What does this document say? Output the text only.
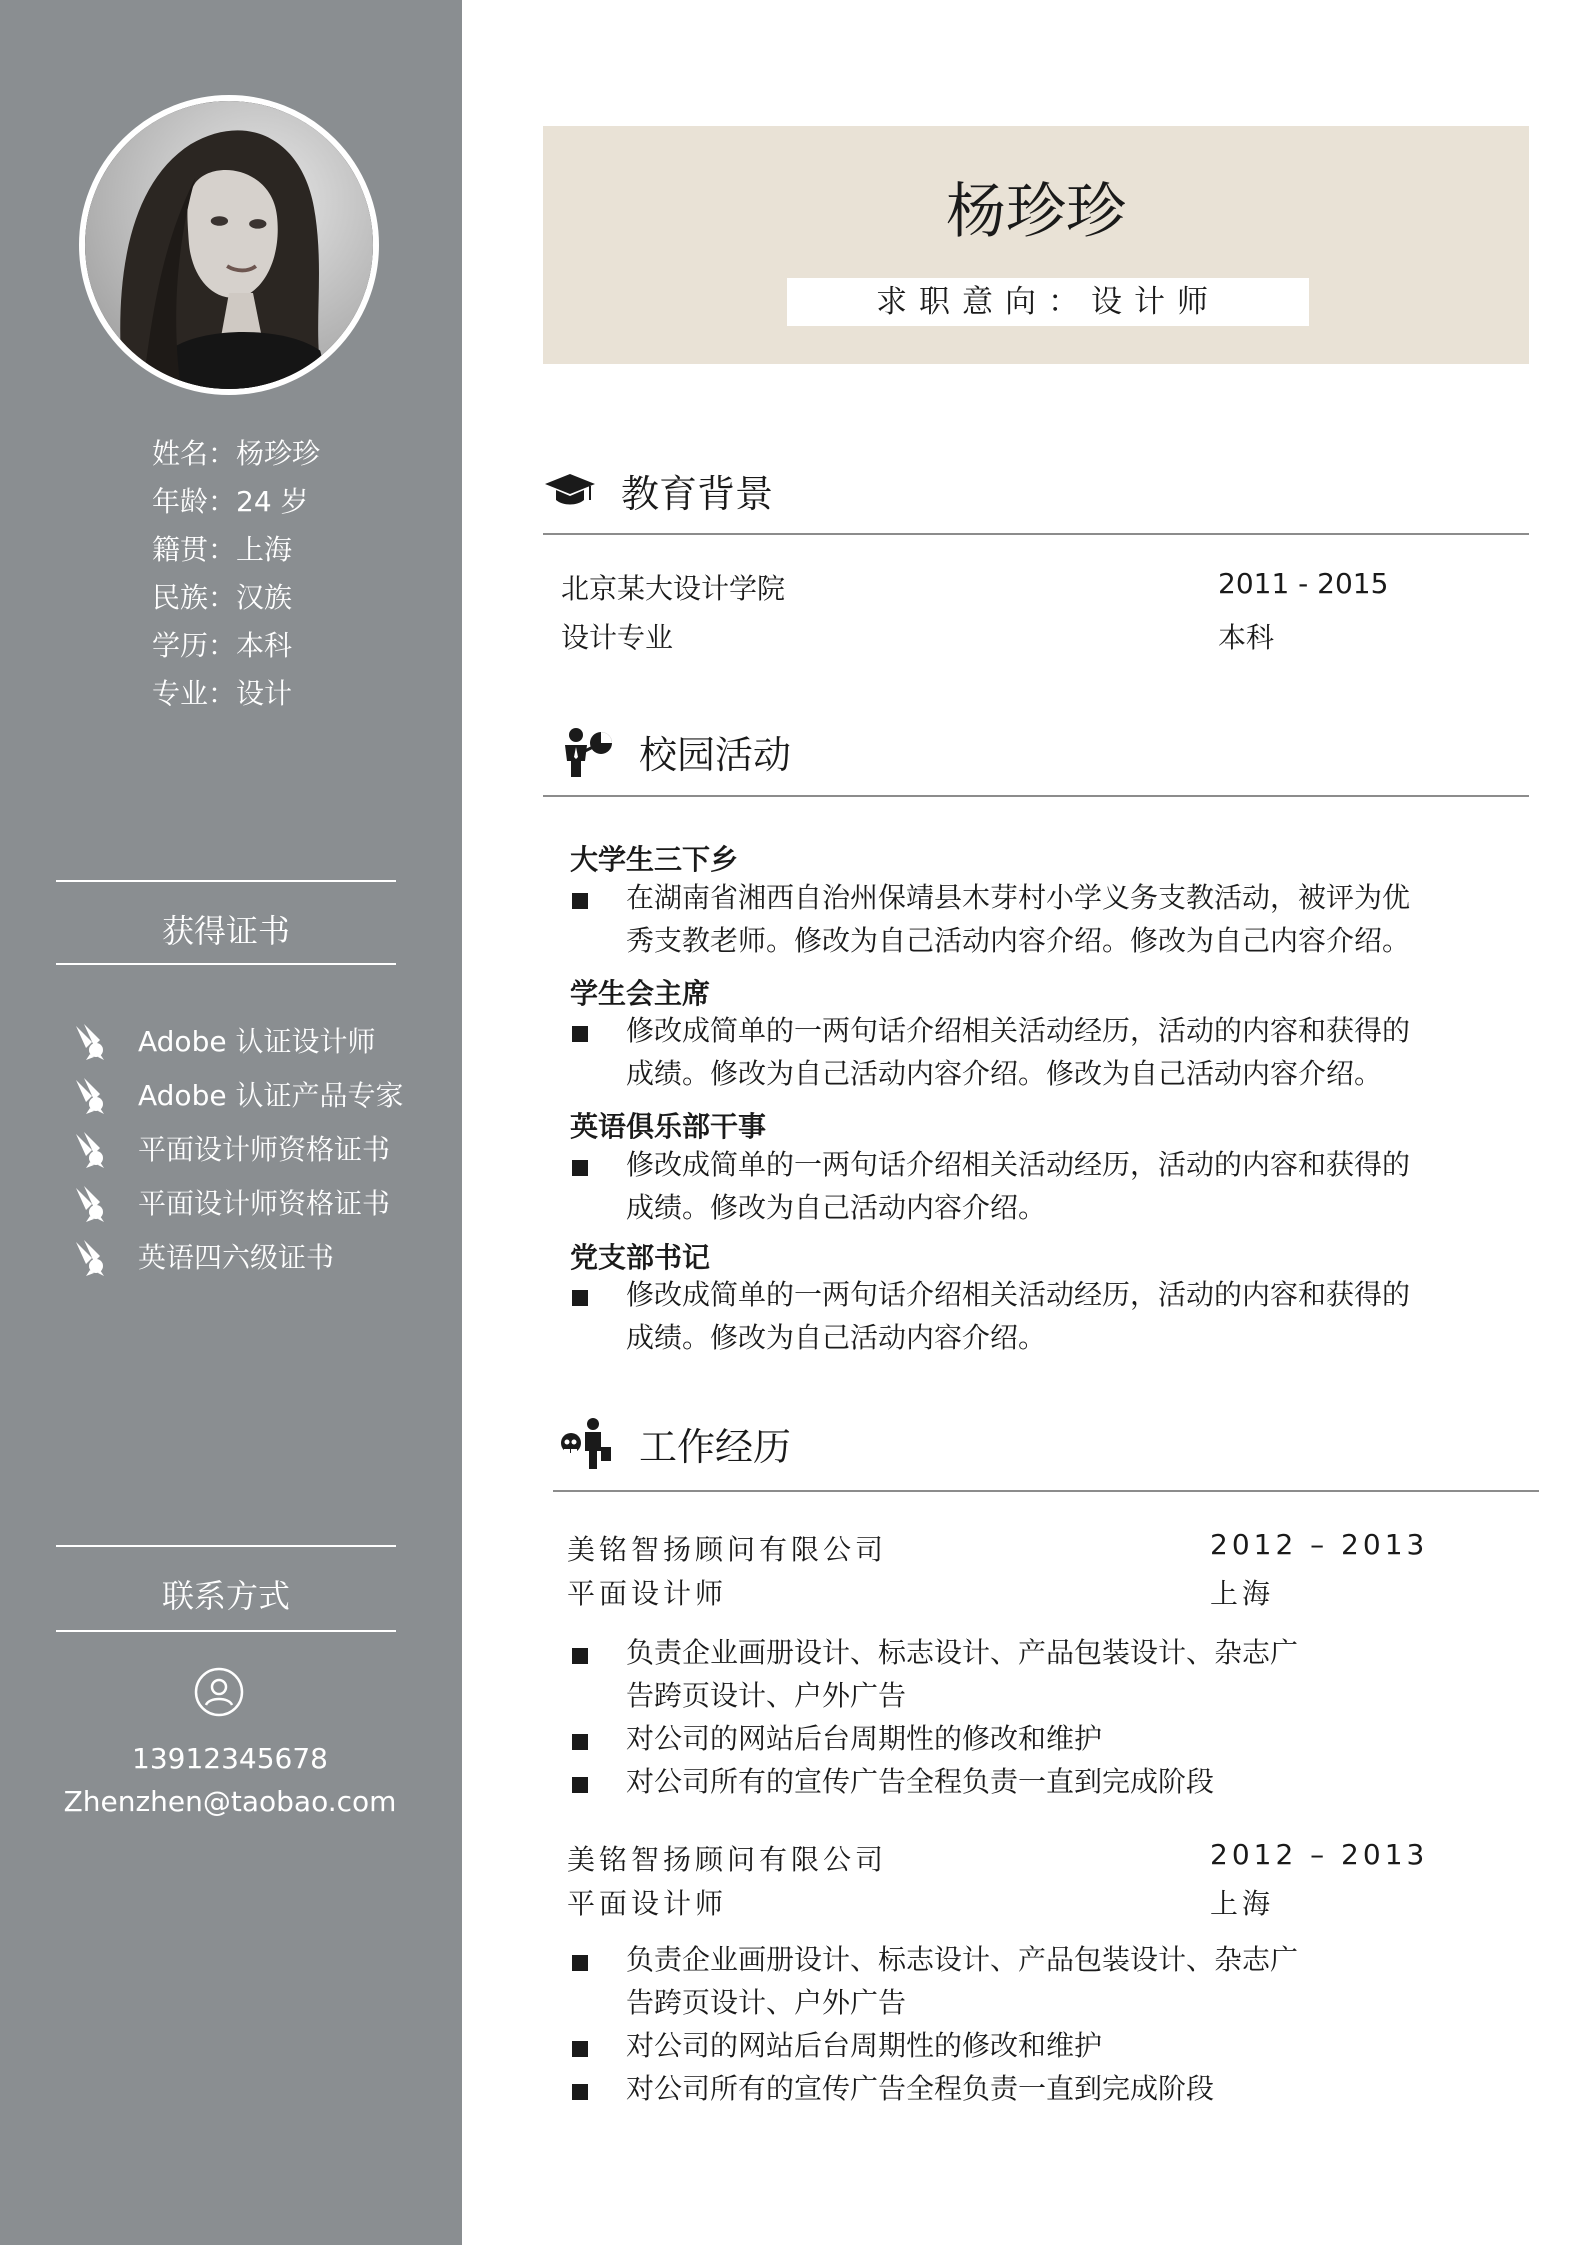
姓名：杨珍珍
年龄：24 岁
籍贯：上海
民族：汉族
学历：本科
专业：设计
获得证书
Adobe 认证设计师
Adobe 认证产品专家
平面设计师资格证书
平面设计师资格证书
英语四六级证书
联系方式
13912345678
Zhenzhen@taobao.com
杨珍珍
求职意向：设计师
教育背景
北京某大设计学院	2011 - 2015
设计专业	本科
校园活动
大学生三下乡
在湖南省湘西自治州保靖县木芽村小学义务支教活动，被评为优
秀支教老师。修改为自己活动内容介绍。修改为自己内容介绍。
学生会主席
修改成简单的一两句话介绍相关活动经历，活动的内容和获得的
成绩。修改为自己活动内容介绍。修改为自己活动内容介绍。
英语俱乐部干事
修改成简单的一两句话介绍相关活动经历，活动的内容和获得的
成绩。修改为自己活动内容介绍。
党支部书记
修改成简单的一两句话介绍相关活动经历，活动的内容和获得的
成绩。修改为自己活动内容介绍。
工作经历
美铭智扬顾问有限公司	2012 – 2013
平面设计师	上海
负责企业画册设计、标志设计、产品包装设计、杂志广
告跨页设计、户外广告
对公司的网站后台周期性的修改和维护
对公司所有的宣传广告全程负责一直到完成阶段
美铭智扬顾问有限公司	2012 – 2013
平面设计师	上海
负责企业画册设计、标志设计、产品包装设计、杂志广
告跨页设计、户外广告
对公司的网站后台周期性的修改和维护
对公司所有的宣传广告全程负责一直到完成阶段
